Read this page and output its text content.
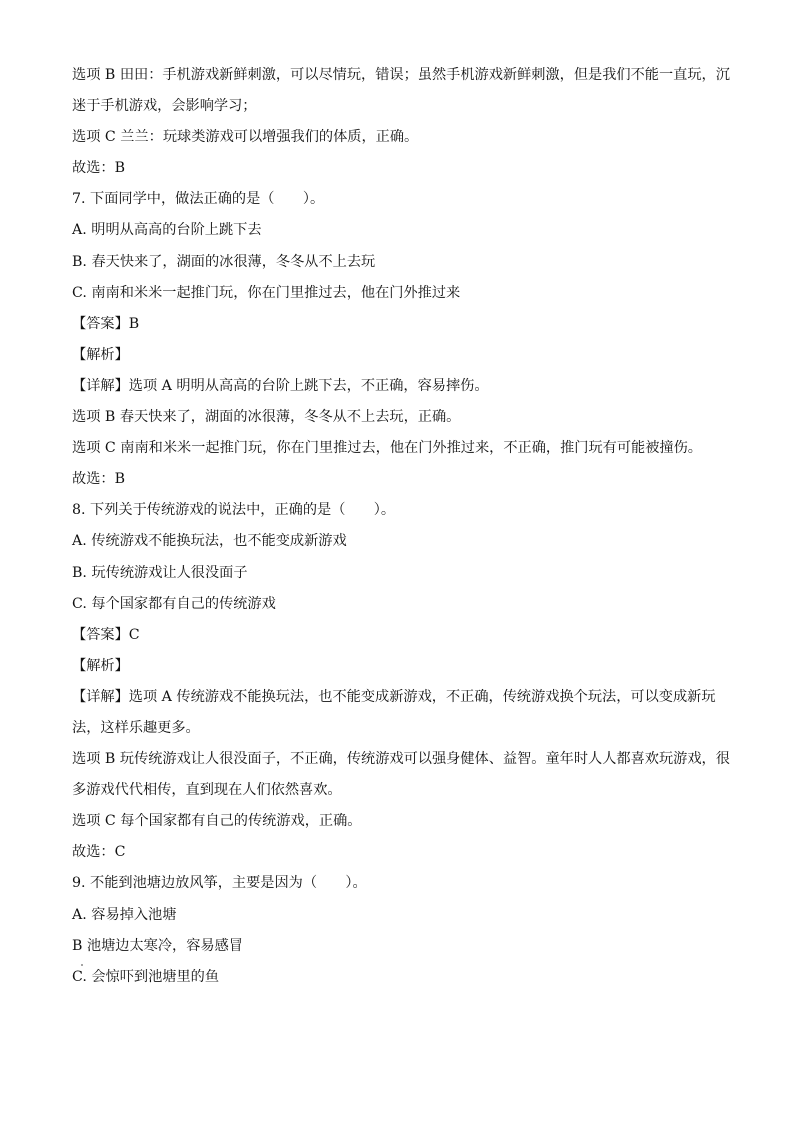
选项 B 田田：手机游戏新鲜刺激，可以尽情玩，错误；虽然手机游戏新鲜刺激，但是我们不能一直玩，沉
迷于手机游戏，会影响学习；
选项 C 兰兰：玩球类游戏可以增强我们的体质，正确。
故选：B
7. 下面同学中，做法正确的是（　　）。
A. 明明从高高的台阶上跳下去
B. 春天快来了，湖面的冰很薄，冬冬从不上去玩
C. 南南和米米一起推门玩，你在门里推过去，他在门外推过来
【答案】B
【解析】
【详解】选项 A 明明从高高的台阶上跳下去，不正确，容易摔伤。
选项 B 春天快来了，湖面的冰很薄，冬冬从不上去玩，正确。
选项 C 南南和米米一起推门玩，你在门里推过去，他在门外推过来，不正确，推门玩有可能被撞伤。
故选：B
8. 下列关于传统游戏的说法中，正确的是（　　）。
A. 传统游戏不能换玩法，也不能变成新游戏
B. 玩传统游戏让人很没面子
C. 每个国家都有自己的传统游戏
【答案】C
【解析】
【详解】选项 A 传统游戏不能换玩法，也不能变成新游戏，不正确，传统游戏换个玩法，可以变成新玩
法，这样乐趣更多。
选项 B 玩传统游戏让人很没面子，不正确，传统游戏可以强身健体、益智。童年时人人都喜欢玩游戏，很
多游戏代代相传，直到现在人们依然喜欢。
选项 C 每个国家都有自己的传统游戏，正确。
故选：C
9. 不能到池塘边放风筝，主要是因为（　　）。
A. 容易掉入池塘
B 池塘边太寒冷，容易感冒
C. 会惊吓到池塘里的鱼
